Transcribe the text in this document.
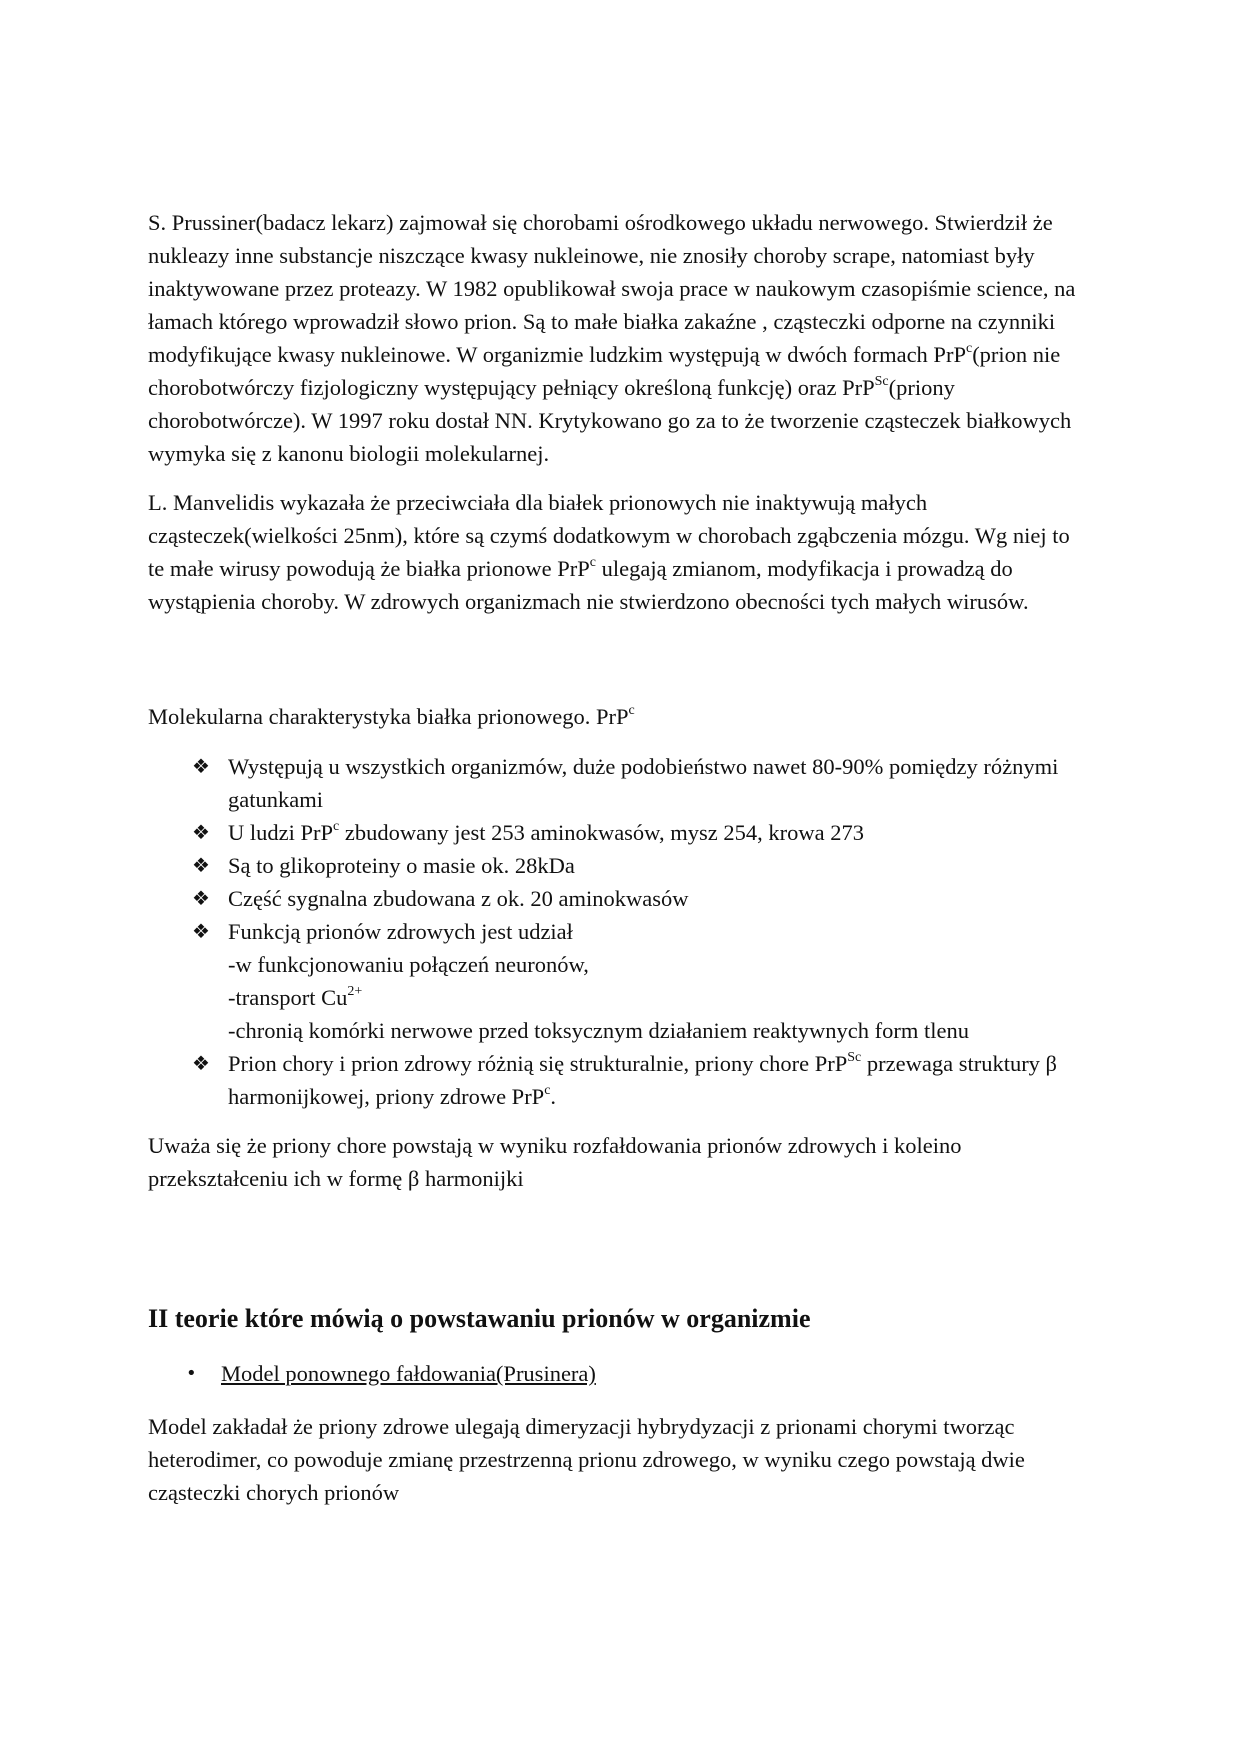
S. Prussiner(badacz lekarz) zajmował się chorobami ośrodkowego układu nerwowego. Stwierdził że nukleazy inne substancje niszczące kwasy nukleinowe, nie znosiły choroby scrape, natomiast były inaktywowane przez proteazy. W 1982 opublikował swoja prace w naukowym czasopiśmie science, na łamach którego wprowadził słowo prion. Są to małe białka zakaźne , cząsteczki odporne na czynniki modyfikujące kwasy nukleinowe. W organizmie ludzkim występują w dwóch formach PrP$^c$(prion nie chorobotwórczy fizjologiczny występujący pełniący określoną funkcję) oraz PrP$^{Sc}$(priony chorobotwórcze). W 1997 roku dostał NN. Krytykowano go za to że tworzenie cząsteczek białkowych wymyka się z kanonu biologii molekularnej.

L. Manvelidis wykazała że przeciwciała dla białek prionowych nie inaktywują małych cząsteczek(wielkości 25nm), które są czymś dodatkowym w chorobach zgąbczenia mózgu. Wg niej to te małe wirusy powodują że białka prionowe PrP$^c$ ulegają zmianom, modyfikacja i prowadzą do wystąpienia choroby. W zdrowych organizmach nie stwierdzono obecności tych małych wirusów.

Molekularna charakterystyka białka prionowego. PrP$^c$

❖ Występują u wszystkich organizmów, duże podobieństwo nawet 80-90% pomiędzy różnymi gatunkami
❖ U ludzi PrP$^c$ zbudowany jest 253 aminokwasów, mysz 254, krowa 273
❖ Są to glikoproteiny o masie ok. 28kDa
❖ Część sygnalna zbudowana z ok. 20 aminokwasów
❖ Funkcją prionów zdrowych jest udział
-w funkcjonowaniu połączeń neuronów,
-transport $Cu^{2+}$
-chronią komórki nerwowe przed toksycznym działaniem reaktywnych form tlenu
❖ Prion chory i prion zdrowy różnią się strukturalnie, priony chore PrP$^{Sc}$ przewaga struktury β harmonijkowej, priony zdrowe PrP$^c$.

Uważa się że priony chore powstają w wyniku rozfałdowania prionów zdrowych i koleino przekształceniu ich w formę β harmonijki

II teorie które mówią o powstawaniu prionów w organizmie
• Model ponownego fałdowania(Prusinera)

Model zakładał że priony zdrowe ulegają dimeryzacji hybrydyzacji z prionami chorymi tworząc heterodimer, co powoduje zmianę przestrzenną prionu zdrowego, w wyniku czego powstają dwie cząsteczki chorych prionów
